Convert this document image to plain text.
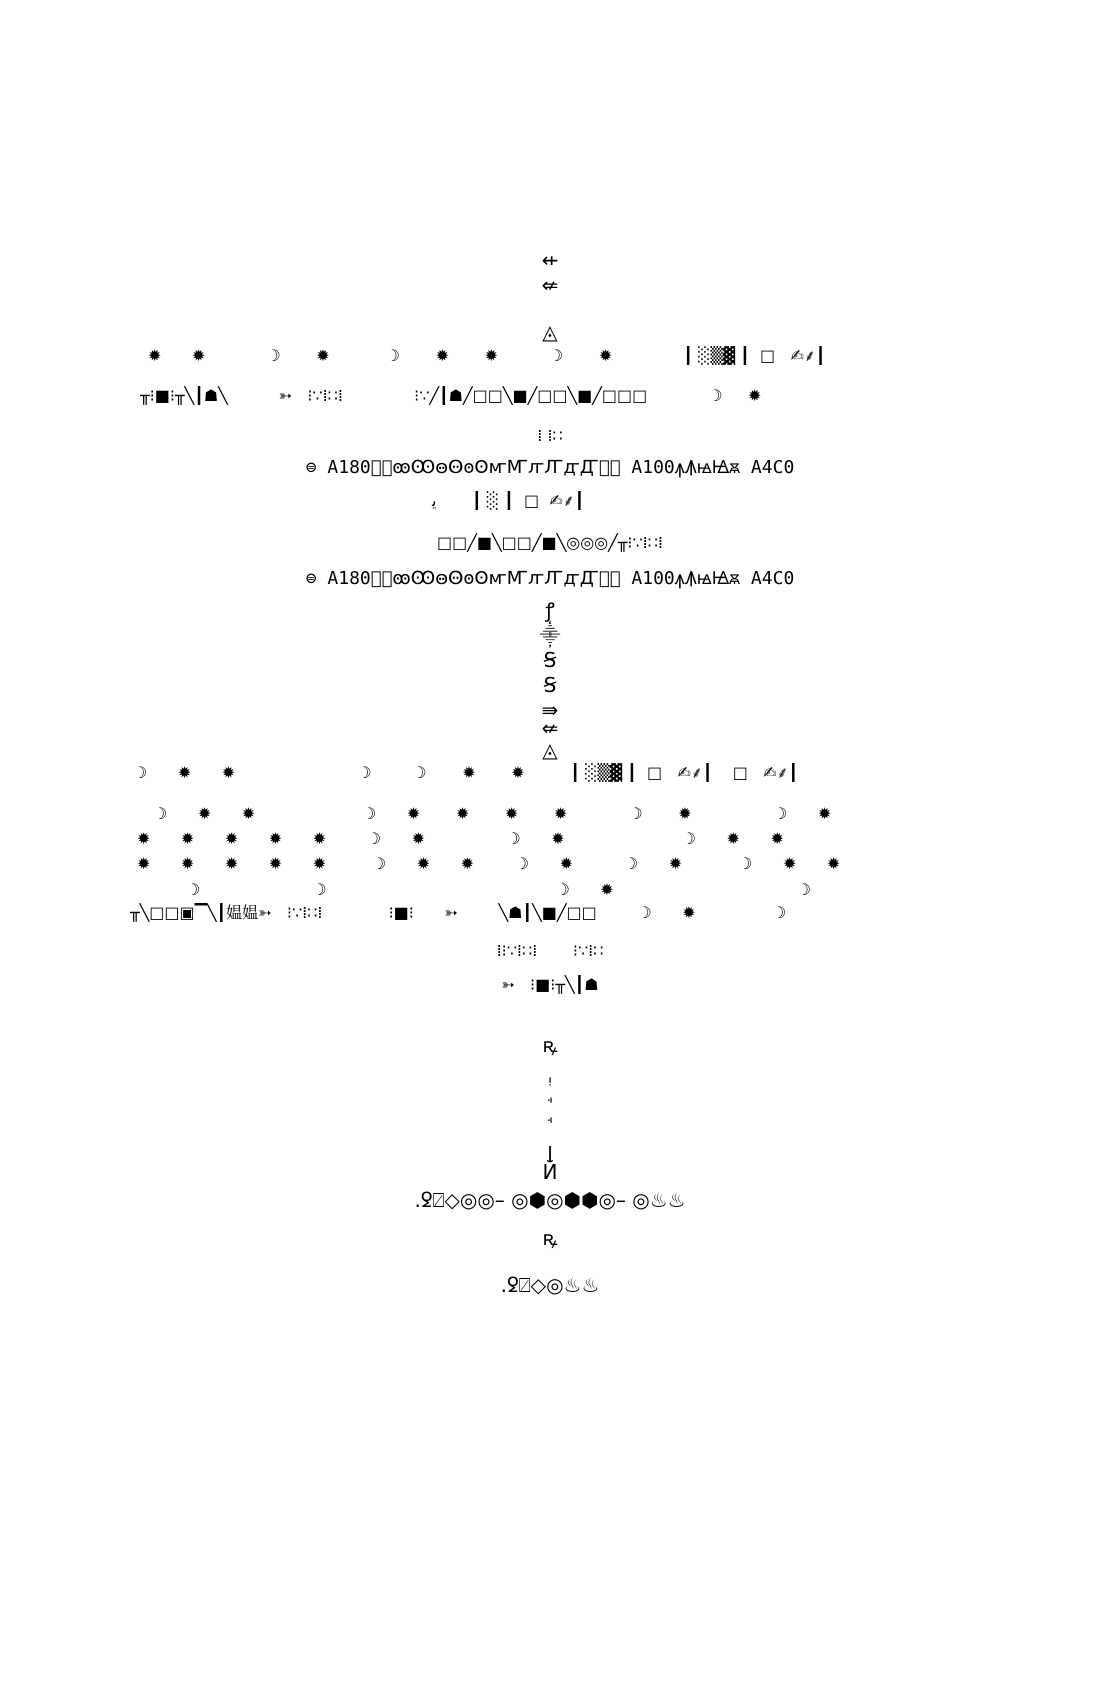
⇷
⇍
◬
✹      ✹            ☽       ✹           ☽       ✹       ✹          ☽       ✹              ┃ ░▒▓ ┃  □   ✍⸙┃
╥⁝■⁝╥╲┃☗╲          ➳   ⁝∵⁞∷⁞              ⁝∵╱┃☗╱□□╲■╱□□╲■╱□□□            ☽     ✹
⁞ ⁞∷
⊜ A180ꙮ꙰ꙭꙬꙫꙪꙩꙨꙧꙦꙥꙤꙣꙢꙡꙠ A100ꙟꙞꙝꙜꙛ A4C0
ﯾ       ┃ ░ ┃  □  ✍⸙┃
□□╱■╲□□╱■╲◎◎◎╱╥⁝∵⁞∷⁞
⊜ A180ꙮ꙰ꙭꙬꙫꙪꙩꙨꙧꙦꙥꙤꙣꙢꙡꙠ A100ꙟꙞꙝꙜꙛ A4C0
ꝭ
⸎
Ꞩ
Ꞩ
⇛
⇍
◬
☽      ✹      ✹                        ☽        ☽       ✹       ✹         ┃ ░▒▓ ┃  □   ✍⸙┃    □   ✍⸙┃
☽      ✹      ✹                     ☽      ✹       ✹       ✹       ✹            ☽       ✹                ☽      ✹
✹      ✹      ✹      ✹      ✹        ☽      ✹                ☽      ✹                       ☽      ✹      ✹
✹      ✹      ✹      ✹      ✹         ☽      ✹      ✹        ☽      ✹          ☽      ✹           ☽      ✹      ✹
☽                      ☽                                             ☽      ✹                                    ☽
╥╲□□▣▔╲┃媪媪➳   ⁝∵⁞∷⁞             ⁝■⁝      ➳        ╲☗┃╲■╱□□        ☽      ✹               ☽
⁞⁝∵⁞∷⁞       ⁝∵⁞∷
➳   ⁝■⁝╥╲┃☗
ꝶ
ꜝ
ꞁ
Й
.ꝿ⍁◇◎◎– ◎⬢◎⬢⬢◎– ◎♨♨
ꝶ
.ꝿ⍁◇◎♨♨
